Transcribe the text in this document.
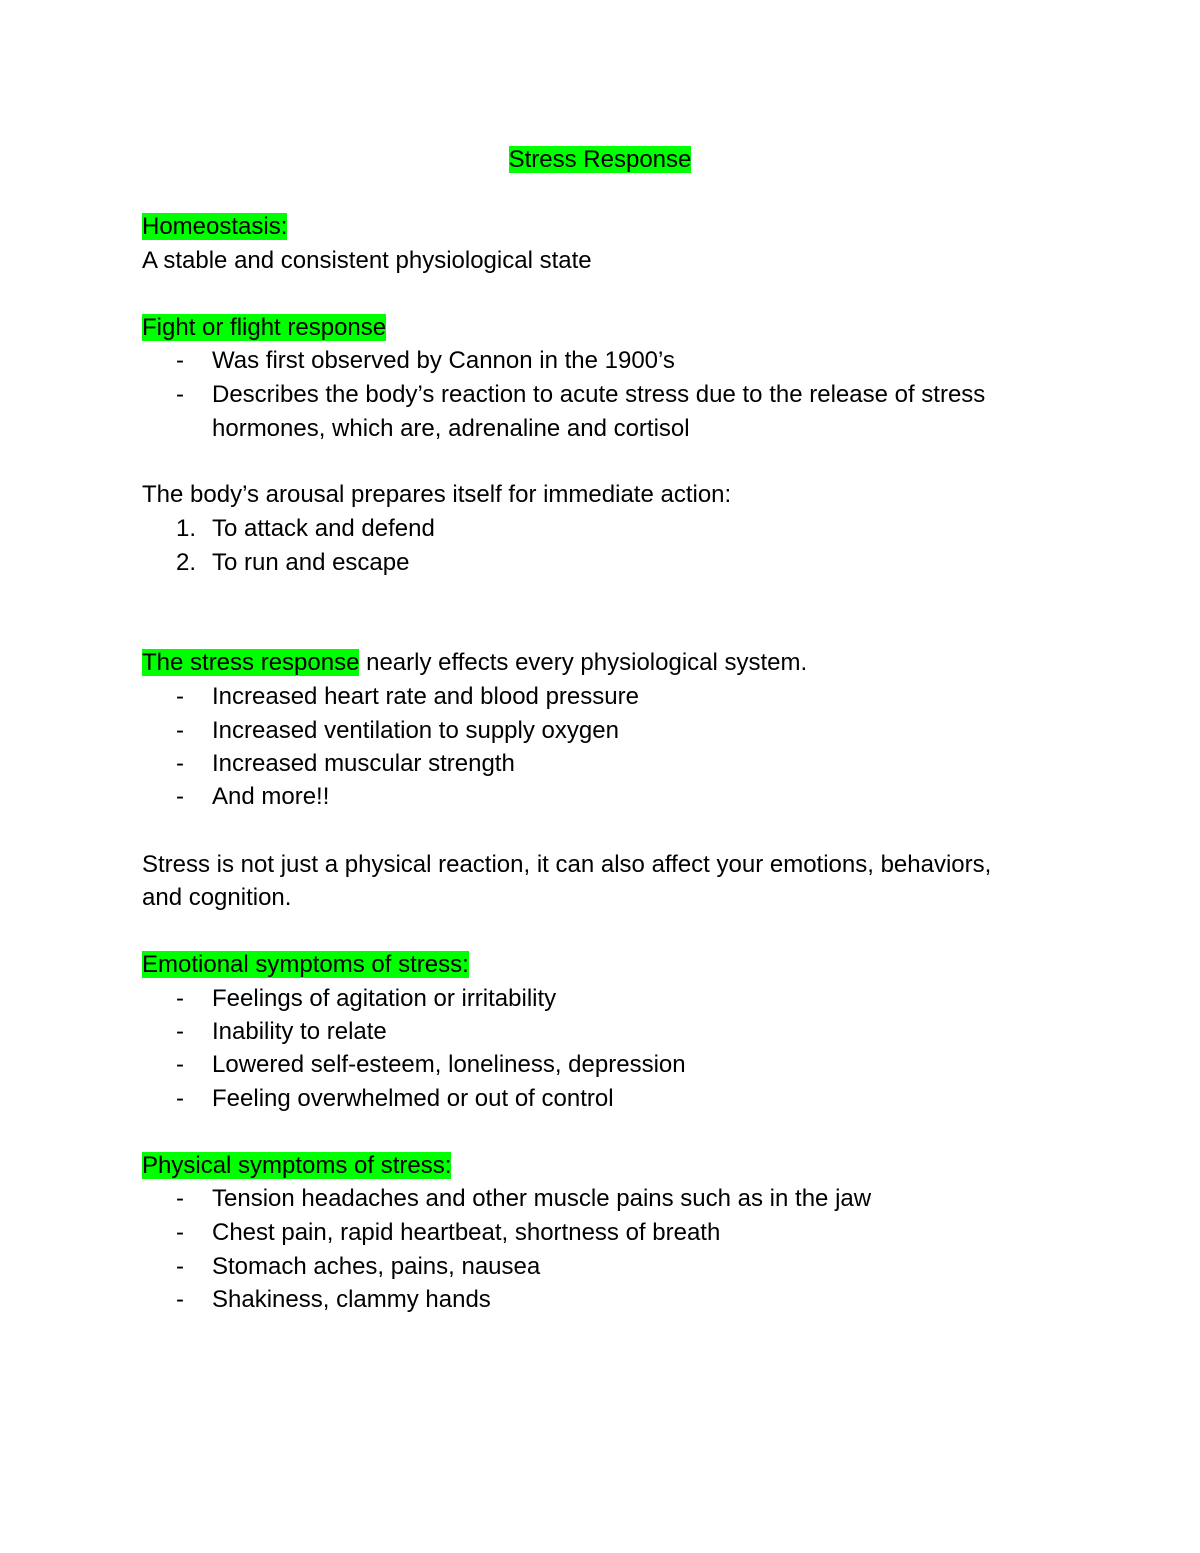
Stress Response
Homeostasis:
A stable and consistent physiological state
Fight or flight response
-	Was first observed by Cannon in the 1900’s
-	Describes the body’s reaction to acute stress due to the release of stress
hormones, which are, adrenaline and cortisol
The body’s arousal prepares itself for immediate action:
1. To attack and defend
2. To run and escape
The stress response nearly effects every physiological system.
-	Increased heart rate and blood pressure
-	Increased ventilation to supply oxygen
-	Increased muscular strength
-	And more!!
Stress is not just a physical reaction, it can also affect your emotions, behaviors,
and cognition.
Emotional symptoms of stress:
-	Feelings of agitation or irritability
-	Inability to relate
-	Lowered self-esteem, loneliness, depression
-	Feeling overwhelmed or out of control
Physical symptoms of stress:
-	Tension headaches and other muscle pains such as in the jaw
-	Chest pain, rapid heartbeat, shortness of breath
-	Stomach aches, pains, nausea
-	Shakiness, clammy hands
